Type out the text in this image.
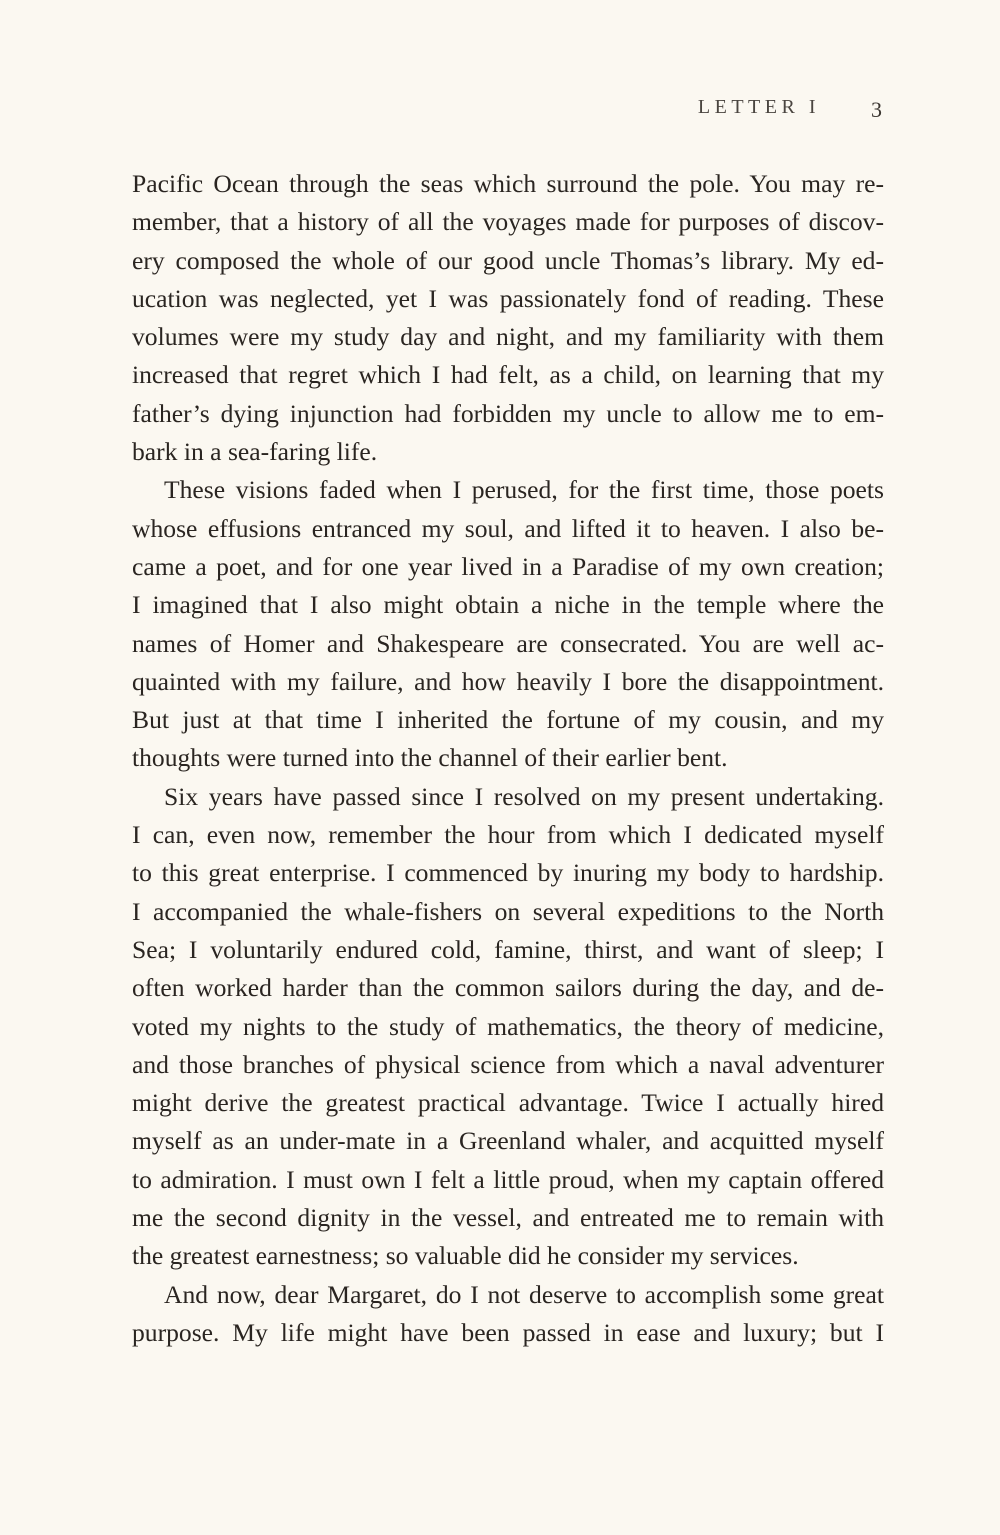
LETTER I 3
Pacific Ocean through the seas which surround the pole. You may re-
member, that a history of all the voyages made for purposes of discov-
ery composed the whole of our good uncle Thomas’s library. My ed-
ucation was neglected, yet I was passionately fond of reading. These
volumes were my study day and night, and my familiarity with them
increased that regret which I had felt, as a child, on learning that my
father’s dying injunction had forbidden my uncle to allow me to em-
bark in a sea-faring life.
These visions faded when I perused, for the first time, those poets
whose effusions entranced my soul, and lifted it to heaven. I also be-
came a poet, and for one year lived in a Paradise of my own creation;
I imagined that I also might obtain a niche in the temple where the
names of Homer and Shakespeare are consecrated. You are well ac-
quainted with my failure, and how heavily I bore the disappointment.
But just at that time I inherited the fortune of my cousin, and my
thoughts were turned into the channel of their earlier bent.
Six years have passed since I resolved on my present undertaking.
I can, even now, remember the hour from which I dedicated myself
to this great enterprise. I commenced by inuring my body to hardship.
I accompanied the whale-fishers on several expeditions to the North
Sea; I voluntarily endured cold, famine, thirst, and want of sleep; I
often worked harder than the common sailors during the day, and de-
voted my nights to the study of mathematics, the theory of medicine,
and those branches of physical science from which a naval adventurer
might derive the greatest practical advantage. Twice I actually hired
myself as an under-mate in a Greenland whaler, and acquitted myself
to admiration. I must own I felt a little proud, when my captain offered
me the second dignity in the vessel, and entreated me to remain with
the greatest earnestness; so valuable did he consider my services.
And now, dear Margaret, do I not deserve to accomplish some great
purpose. My life might have been passed in ease and luxury; but I
